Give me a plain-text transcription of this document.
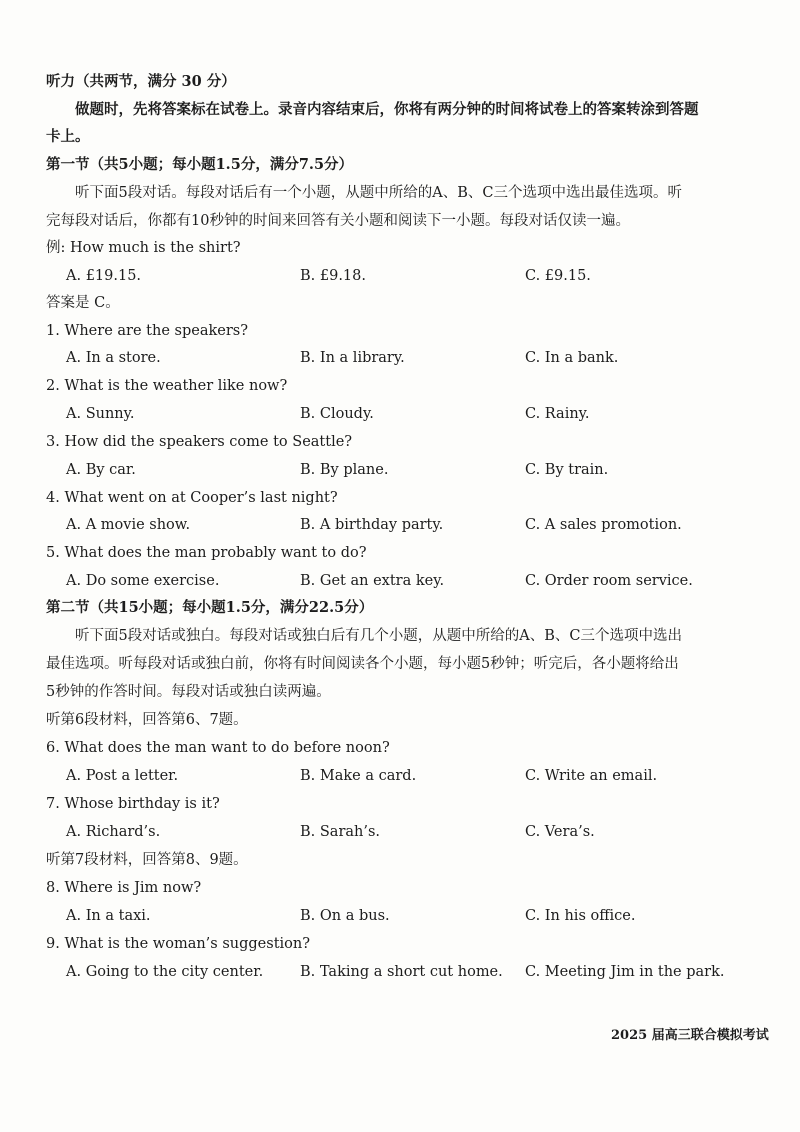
听力（共两节，满分 30 分）
做题时，先将答案标在试卷上。录音内容结束后，你将有两分钟的时间将试卷上的答案转涂到答题
卡上。
第一节（共5小题；每小题1.5分，满分7.5分）
听下面5段对话。每段对话后有一个小题，从题中所给的A、B、C三个选项中选出最佳选项。听
完每段对话后，你都有10秒钟的时间来回答有关小题和阅读下一小题。每段对话仅读一遍。
例: How much is the shirt?
A. £19.15.	B. £9.18.	C. £9.15.
答案是 C。
1. Where are the speakers?
A. In a store.	B. In a library.	C. In a bank.
2. What is the weather like now?
A. Sunny.	B. Cloudy.	C. Rainy.
3. How did the speakers come to Seattle?
A. By car.	B. By plane.	C. By train.
4. What went on at Cooper’s last night?
A. A movie show.	B. A birthday party.	C. A sales promotion.
5. What does the man probably want to do?
A. Do some exercise.	B. Get an extra key.	C. Order room service.
第二节（共15小题；每小题1.5分，满分22.5分）
听下面5段对话或独白。每段对话或独白后有几个小题，从题中所给的A、B、C三个选项中选出
最佳选项。听每段对话或独白前，你将有时间阅读各个小题，每小题5秒钟；听完后，各小题将给出
5秒钟的作答时间。每段对话或独白读两遍。
听第6段材料，回答第6、7题。
6. What does the man want to do before noon?
A. Post a letter.	B. Make a card.	C. Write an email.
7. Whose birthday is it?
A. Richard’s.	B. Sarah’s.	C. Vera’s.
听第7段材料，回答第8、9题。
8. Where is Jim now?
A. In a taxi.	B. On a bus.	C. In his office.
9. What is the woman’s suggestion?
A. Going to the city center.	B. Taking a short cut home. C. Meeting Jim in the park.
2025 届高三联合模拟考试
